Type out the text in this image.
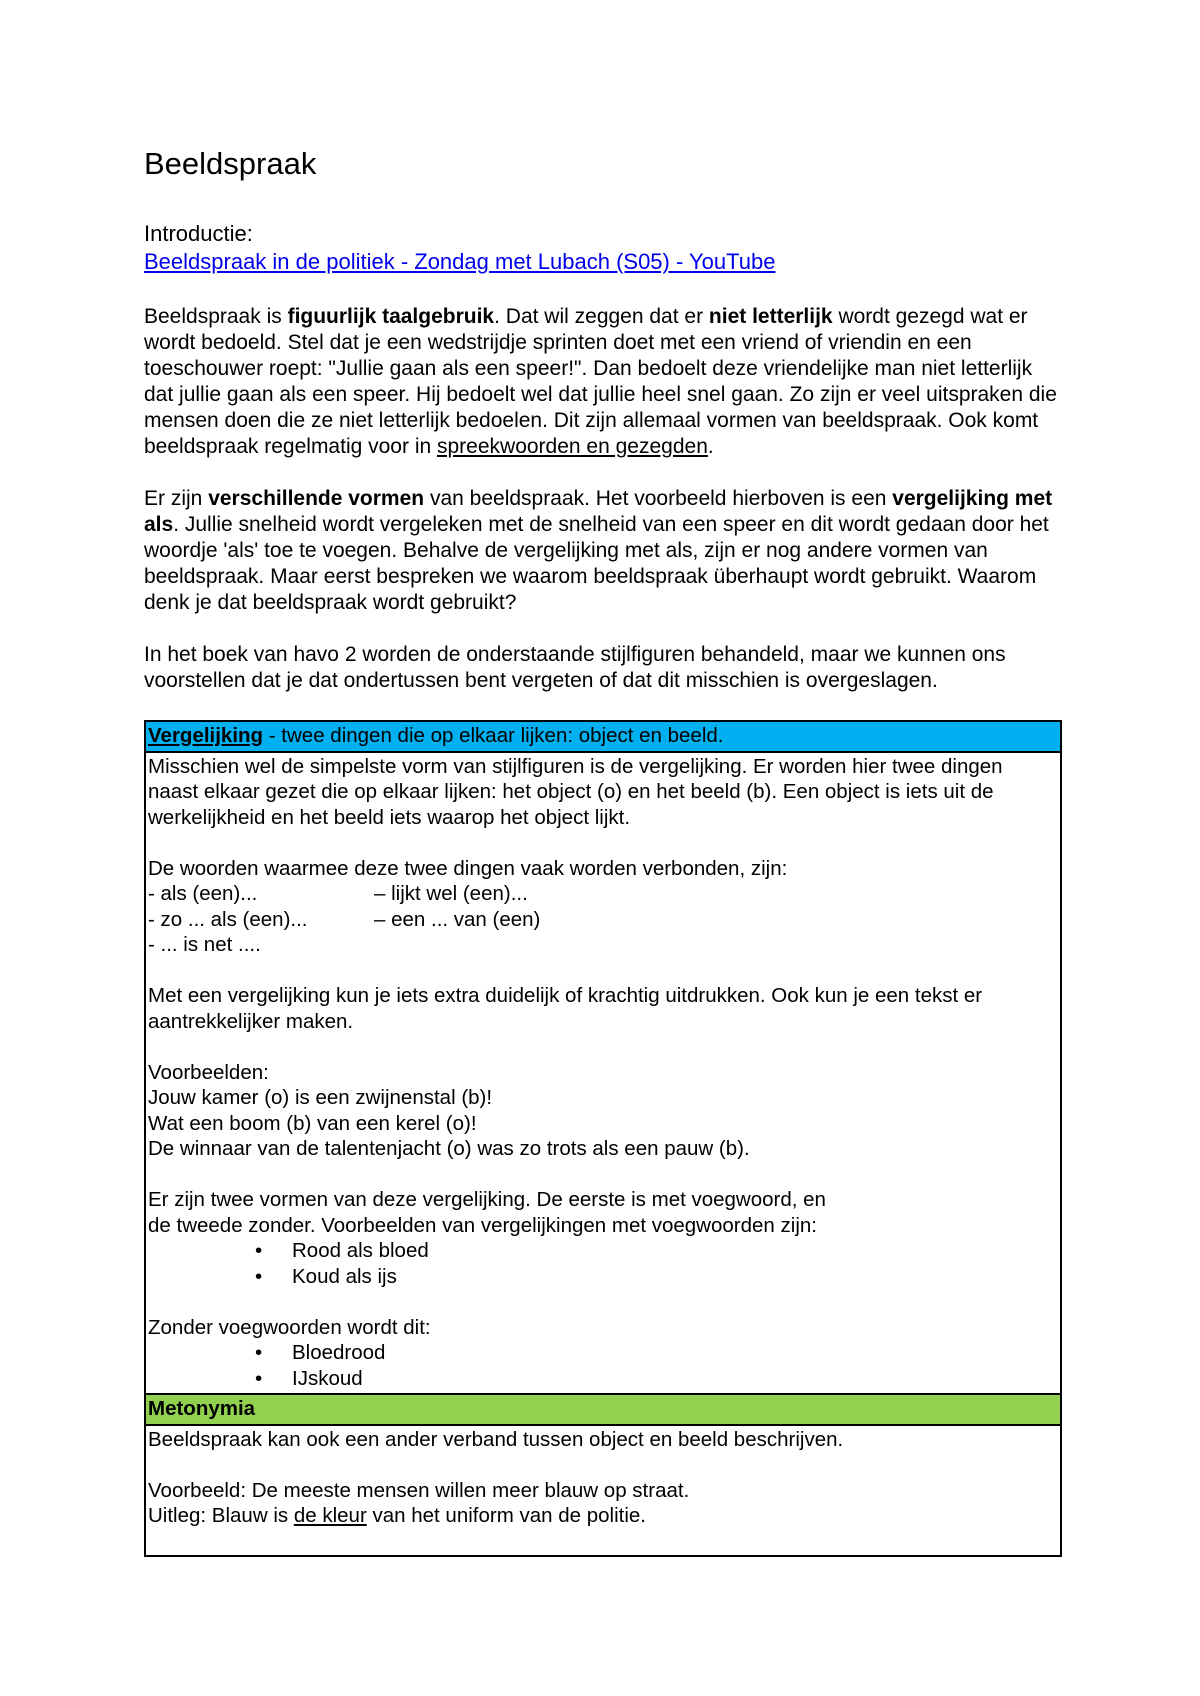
Beeldspraak

Introductie:

Beeldspraak in de politiek - Zondag met Lubach (S05) - YouTube

Beeldspraak is figuurlijk taalgebruik. Dat wil zeggen dat er niet letterlijk wordt gezegd wat er wordt bedoeld. Stel dat je een wedstrijdje sprinten doet met een vriend of vriendin en een toeschouwer roept: "Jullie gaan als een speer!". Dan bedoelt deze vriendelijke man niet letterlijk dat jullie gaan als een speer. Hij bedoelt wel dat jullie heel snel gaan. Zo zijn er veel uitspraken die mensen doen die ze niet letterlijk bedoelen. Dit zijn allemaal vormen van beeldspraak. Ook komt beeldspraak regelmatig voor in spreekwoorden en gezegden.

Er zijn verschillende vormen van beeldspraak. Het voorbeeld hierboven is een vergelijking met als. Jullie snelheid wordt vergeleken met de snelheid van een speer en dit wordt gedaan door het woordje 'als' toe te voegen. Behalve de vergelijking met als, zijn er nog andere vormen van beeldspraak. Maar eerst bespreken we waarom beeldspraak überhaupt wordt gebruikt. Waarom denk je dat beeldspraak wordt gebruikt?

In het boek van havo 2 worden de onderstaande stijlfiguren behandeld, maar we kunnen ons voorstellen dat je dat ondertussen bent vergeten of dat dit misschien is overgeslagen.

Vergelijking - twee dingen die op elkaar lijken: object en beeld.

Misschien wel de simpelste vorm van stijlfiguren is de vergelijking. Er worden hier twee dingen naast elkaar gezet die op elkaar lijken: het object (o) en het beeld (b). Een object is iets uit de werkelijkheid en het beeld iets waarop het object lijkt.

De woorden waarmee deze twee dingen vaak worden verbonden, zijn:

- als (een)...	– lijkt wel (een)...
- zo ... als (een)...	– een ... van (een)
- ... is net ....

Met een vergelijking kun je iets extra duidelijk of krachtig uitdrukken. Ook kun je een tekst er aantrekkelijker maken.

Voorbeelden:

Jouw kamer (o) is een zwijnenstal (b)!

Wat een boom (b) van een kerel (o)!

De winnaar van de talentenjacht (o) was zo trots als een pauw (b).

Er zijn twee vormen van deze vergelijking. De eerste is met voegwoord, en

de tweede zonder. Voorbeelden van vergelijkingen met voegwoorden zijn:

• Rood als bloed
• Koud als ijs

Zonder voegwoorden wordt dit:

• Bloedrood
• IJskoud

Metonymia

Beeldspraak kan ook een ander verband tussen object en beeld beschrijven.

Voorbeeld: De meeste mensen willen meer blauw op straat.

Uitleg: Blauw is de kleur van het uniform van de politie.
